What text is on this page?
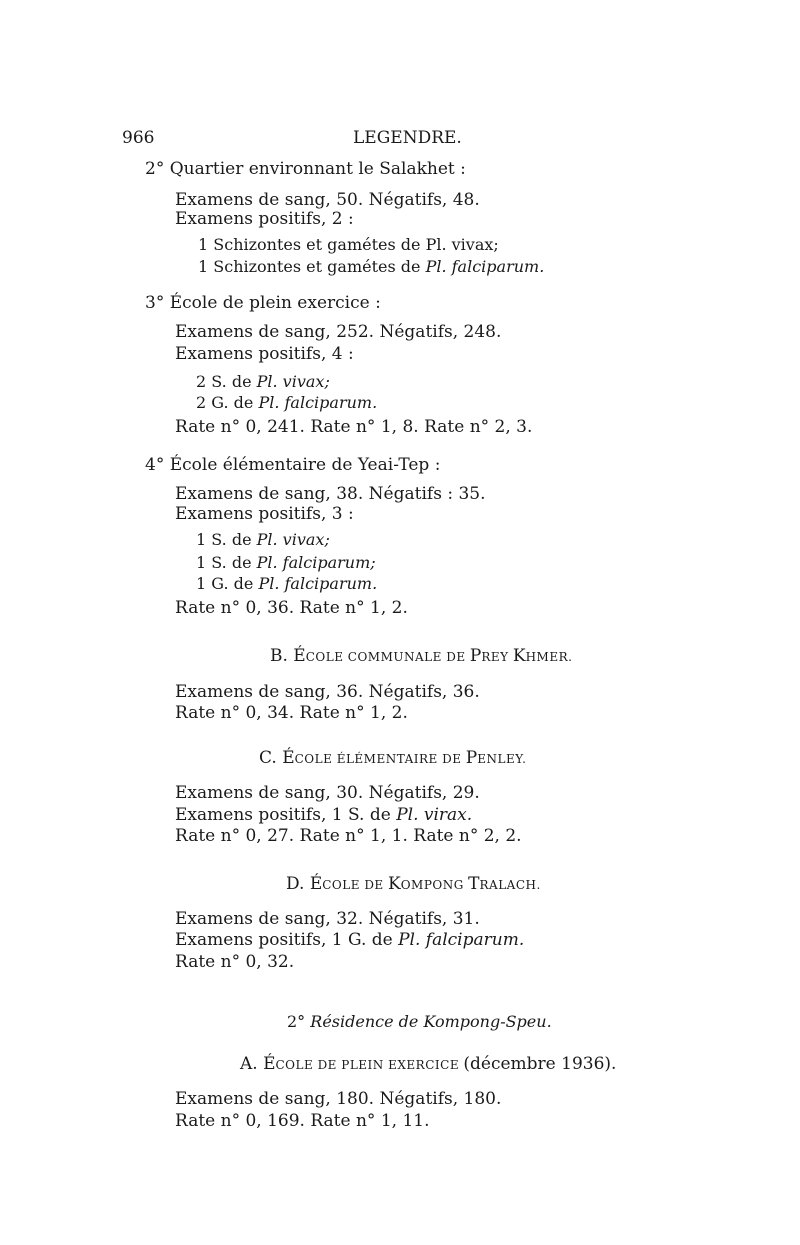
966	LEGENDRE.
2° Quartier environnant le Salakhet :
Examens de sang, 50. Négatifs, 48.
Examens positifs, 2 :
1 Schizontes et gamétes de Pl. vivax;
1 Schizontes et gamétes de Pl. falciparum.
3° École de plein exercice :
Examens de sang, 252. Négatifs, 248.
Examens positifs, 4 :
2 S. de Pl. vivax;
2 G. de Pl. falciparum.
Rate n° 0, 241. Rate n° 1, 8. Rate n° 2, 3.
4° École élémentaire de Yeai-Tep :
Examens de sang, 38. Négatifs : 35.
Examens positifs, 3 :
1 S. de Pl. vivax;
1 S. de Pl. falciparum;
1 G. de Pl. falciparum.
Rate n° 0, 36. Rate n° 1, 2.
B. ÉCOLE COMMUNALE DE PREY KHMER.
Examens de sang, 36. Négatifs, 36.
Rate n° 0, 34. Rate n° 1, 2.
C. ÉCOLE ÉLÉMENTAIRE DE PENLEY.
Examens de sang, 30. Négatifs, 29.
Examens positifs, 1 S. de Pl. virax.
Rate n° 0, 27. Rate n° 1, 1. Rate n° 2, 2.
D. ÉCOLE DE KOMPONG TRALACH.
Examens de sang, 32. Négatifs, 31.
Examens positifs, 1 G. de Pl. falciparum.
Rate n° 0, 32.
2° Résidence de Kompong-Speu.
A. ÉCOLE DE PLEIN EXERCICE (décembre 1936).
Examens de sang, 180. Négatifs, 180.
Rate n° 0, 169. Rate n° 1, 11.
